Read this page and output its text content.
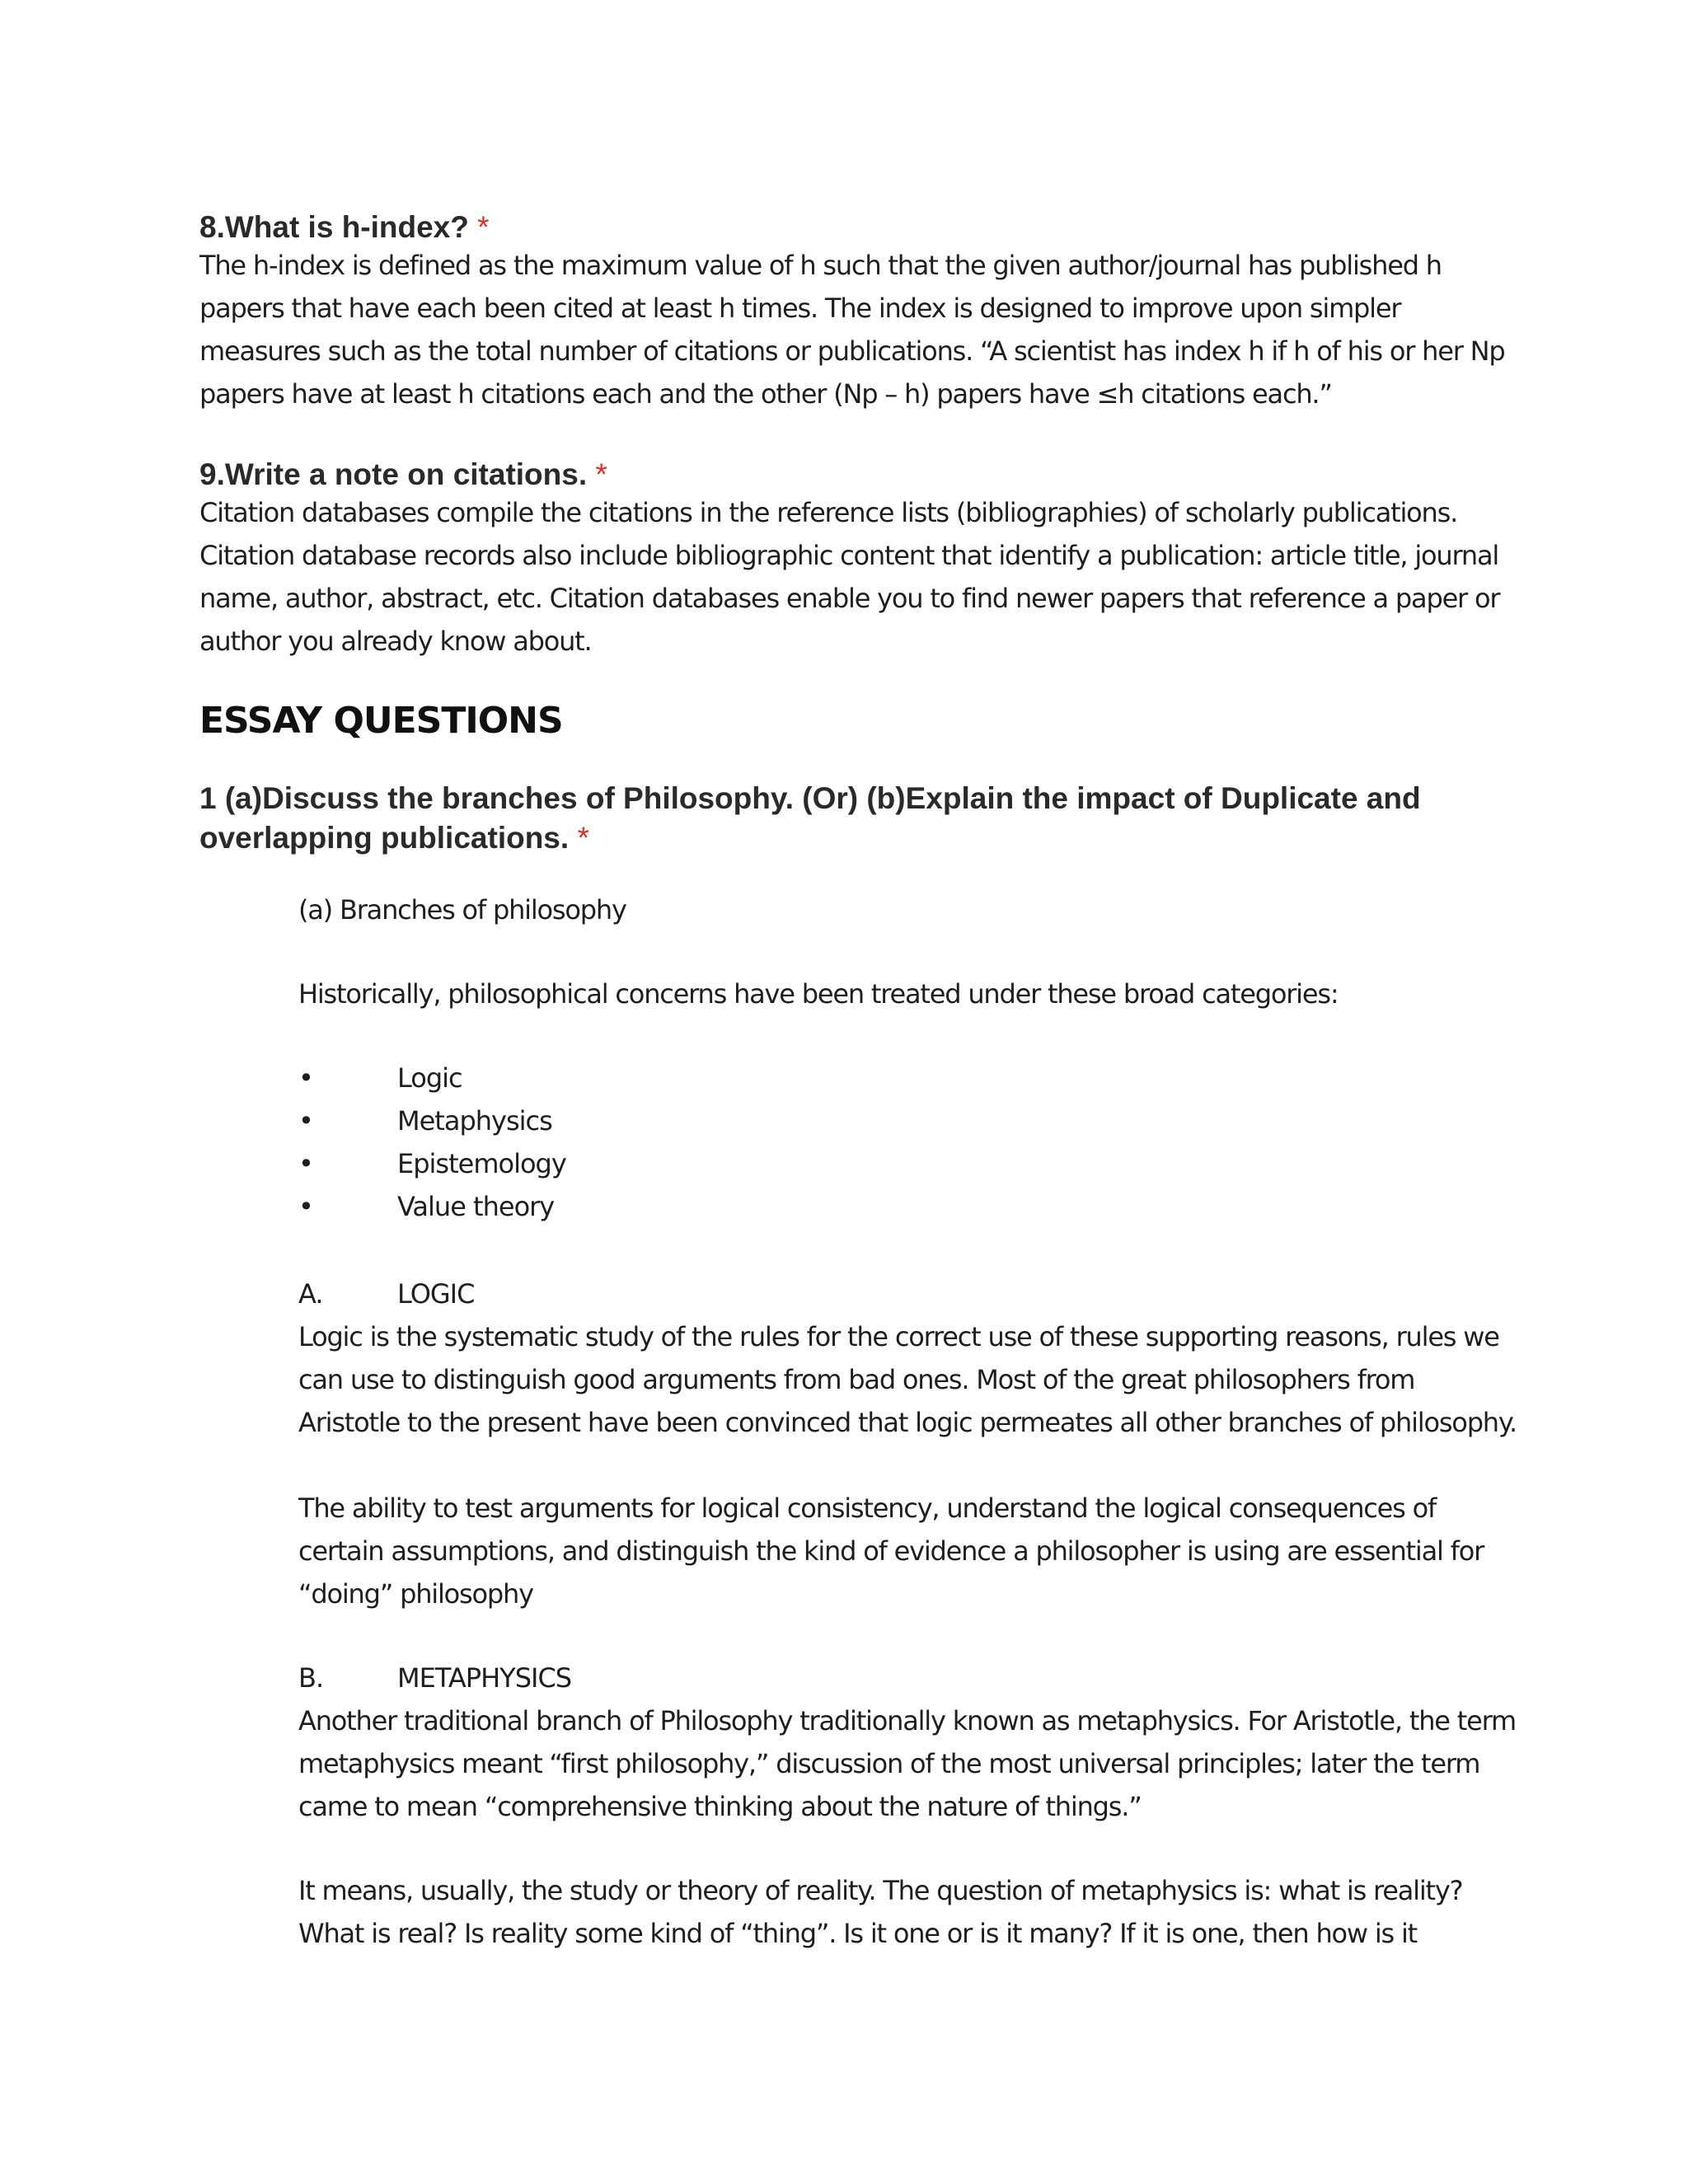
8.What is h-index? *

The h-index is defined as the maximum value of h such that the given author/journal has published h papers that have each been cited at least h times. The index is designed to improve upon simpler measures such as the total number of citations or publications. “A scientist has index h if h of his or her Np papers have at least h citations each and the other (Np – h) papers have ≤h citations each.”

9.Write a note on citations. *

Citation databases compile the citations in the reference lists (bibliographies) of scholarly publications. Citation database records also include bibliographic content that identify a publication: article title, journal name, author, abstract, etc. Citation databases enable you to find newer papers that reference a paper or author you already know about.

ESSAY QUESTIONS
1 (a)Discuss the branches of Philosophy. (Or) (b)Explain the impact of Duplicate and overlapping publications. *

(a) Branches of philosophy

Historically, philosophical concerns have been treated under these broad categories:

•	Logic
•	Metaphysics
•	Epistemology
•	Value theory
A.	LOGIC

Logic is the systematic study of the rules for the correct use of these supporting reasons, rules we can use to distinguish good arguments from bad ones. Most of the great philosophers from Aristotle to the present have been convinced that logic permeates all other branches of philosophy.

The ability to test arguments for logical consistency, understand the logical consequences of certain assumptions, and distinguish the kind of evidence a philosopher is using are essential for “doing” philosophy

B.	METAPHYSICS

Another traditional branch of Philosophy traditionally known as metaphysics. For Aristotle, the term metaphysics meant “first philosophy,” discussion of the most universal principles; later the term came to mean “comprehensive thinking about the nature of things.”

It means, usually, the study or theory of reality. The question of metaphysics is: what is reality? What is real? Is reality some kind of “thing”. Is it one or is it many? If it is one, then how is it
